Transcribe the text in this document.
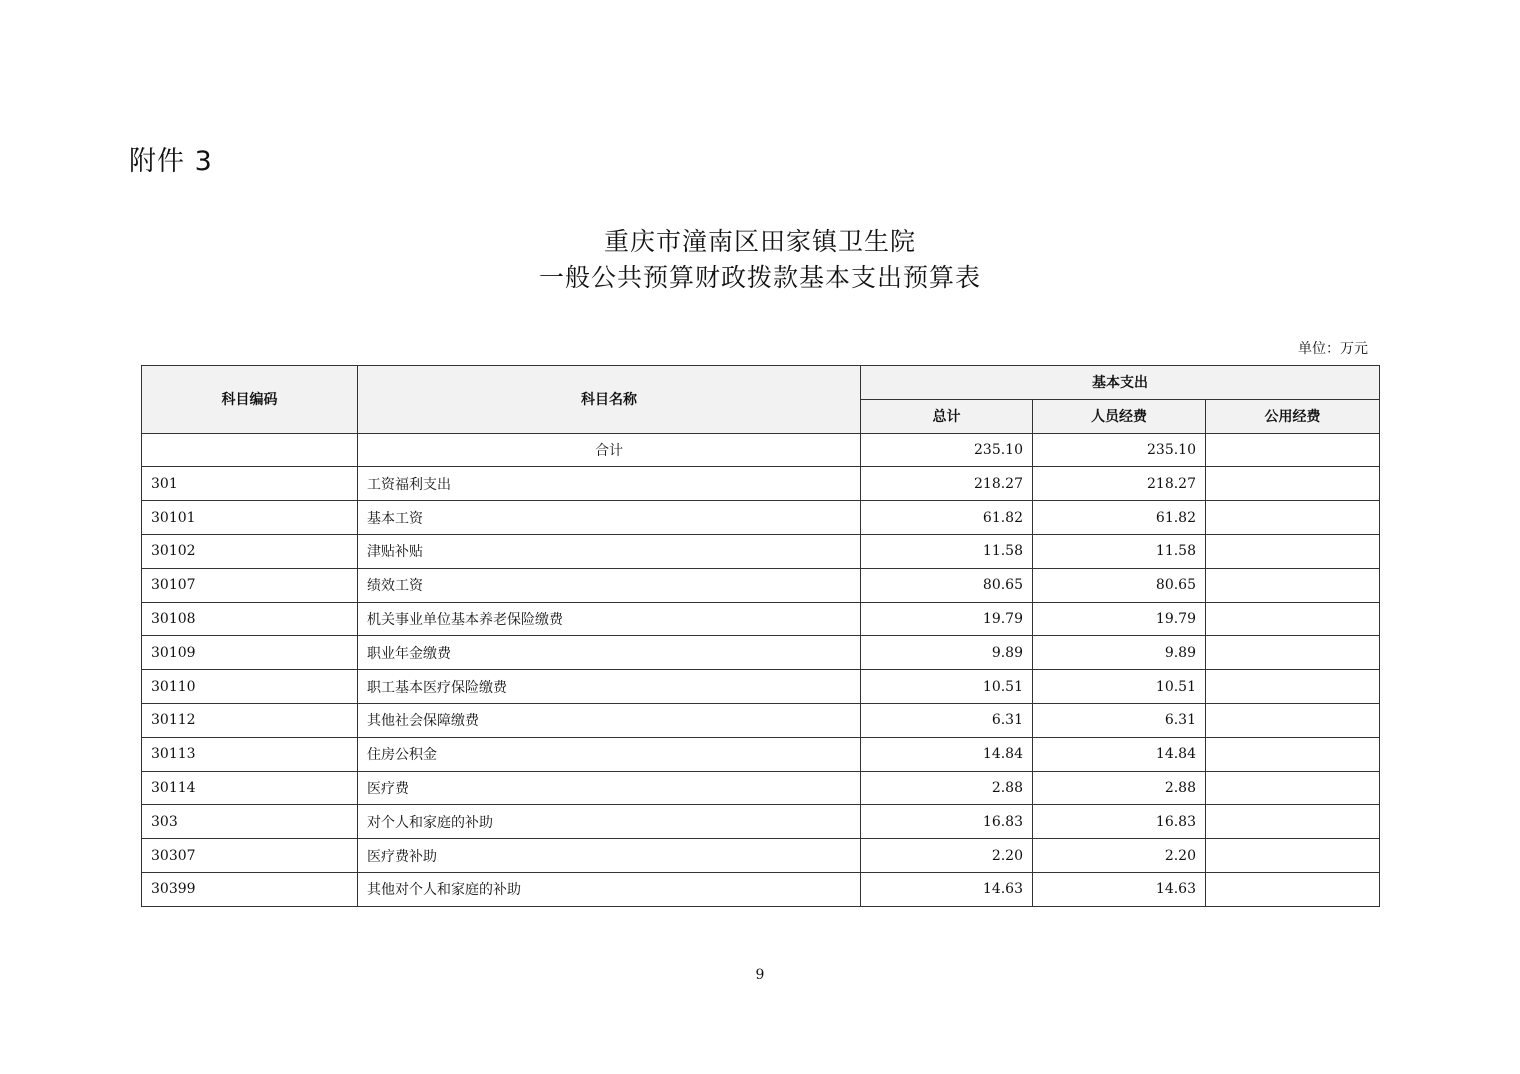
附件 3
重庆市潼南区田家镇卫生院
一般公共预算财政拨款基本支出预算表
单位：万元
科目编码	科目名称	基本支出		
		总计	人员经费	公用经费
	合计	235.10	235.10	
301	工资福利支出	218.27	218.27	
30101	基本工资	61.82	61.82	
30102	津贴补贴	11.58	11.58	
30107	绩效工资	80.65	80.65	
30108	机关事业单位基本养老保险缴费	19.79	19.79	
30109	职业年金缴费	9.89	9.89	
30110	职工基本医疗保险缴费	10.51	10.51	
30112	其他社会保障缴费	6.31	6.31	
30113	住房公积金	14.84	14.84	
30114	医疗费	2.88	2.88	
303	对个人和家庭的补助	16.83	16.83	
30307	医疗费补助	2.20	2.20	
30399	其他对个人和家庭的补助	14.63	14.63	
9
